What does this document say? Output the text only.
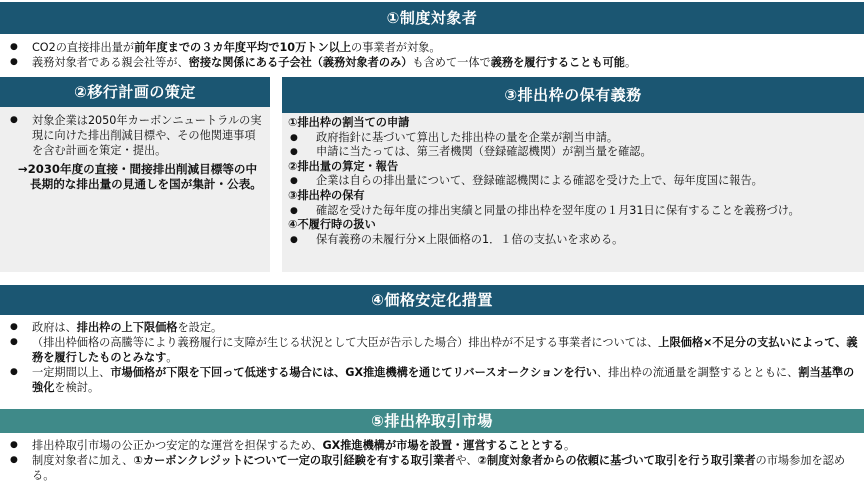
①制度対象者
● CO2の直接排出量が前年度までの３カ年度平均で10万トン以上の事業者が対象。
● 義務対象者である親会社等が、密接な関係にある子会社（義務対象者のみ）も含めて一体で義務を履行することも可能。
②移行計画の策定
● 対象企業は2050年カーボンニュートラルの実現に向けた排出削減目標や、その他関連事項を含む計画を策定・提出。
→2030年度の直接・間接排出削減目標等の中長期的な排出量の見通しを国が集計・公表。
③排出枠の保有義務
①排出枠の割当ての申請
● 政府指針に基づいて算出した排出枠の量を企業が割当申請。
● 申請に当たっては、第三者機関（登録確認機関）が割当量を確認。
②排出量の算定・報告
● 企業は自らの排出量について、登録確認機関による確認を受けた上で、毎年度国に報告。
③排出枠の保有
● 確認を受けた毎年度の排出実績と同量の排出枠を翌年度の１月31日に保有することを義務づけ。
④不履行時の扱い
● 保有義務の未履行分×上限価格の1．１倍の支払いを求める。
④価格安定化措置
● 政府は、排出枠の上下限価格を設定。
● （排出枠価格の高騰等により義務履行に支障が生じる状況として大臣が告示した場合）排出枠が不足する事業者については、上限価格×不足分の支払いによって、義務を履行したものとみなす。
● 一定期間以上、市場価格が下限を下回って低迷する場合には、GX推進機構を通じてリバースオークションを行い、排出枠の流通量を調整するとともに、割当基準の強化を検討。
⑤排出枠取引市場
● 排出枠取引市場の公正かつ安定的な運営を担保するため、GX推進機構が市場を設置・運営することとする。
● 制度対象者に加え、①カーボンクレジットについて一定の取引経験を有する取引業者や、②制度対象者からの依頼に基づいて取引を行う取引業者の市場参加を認める。
